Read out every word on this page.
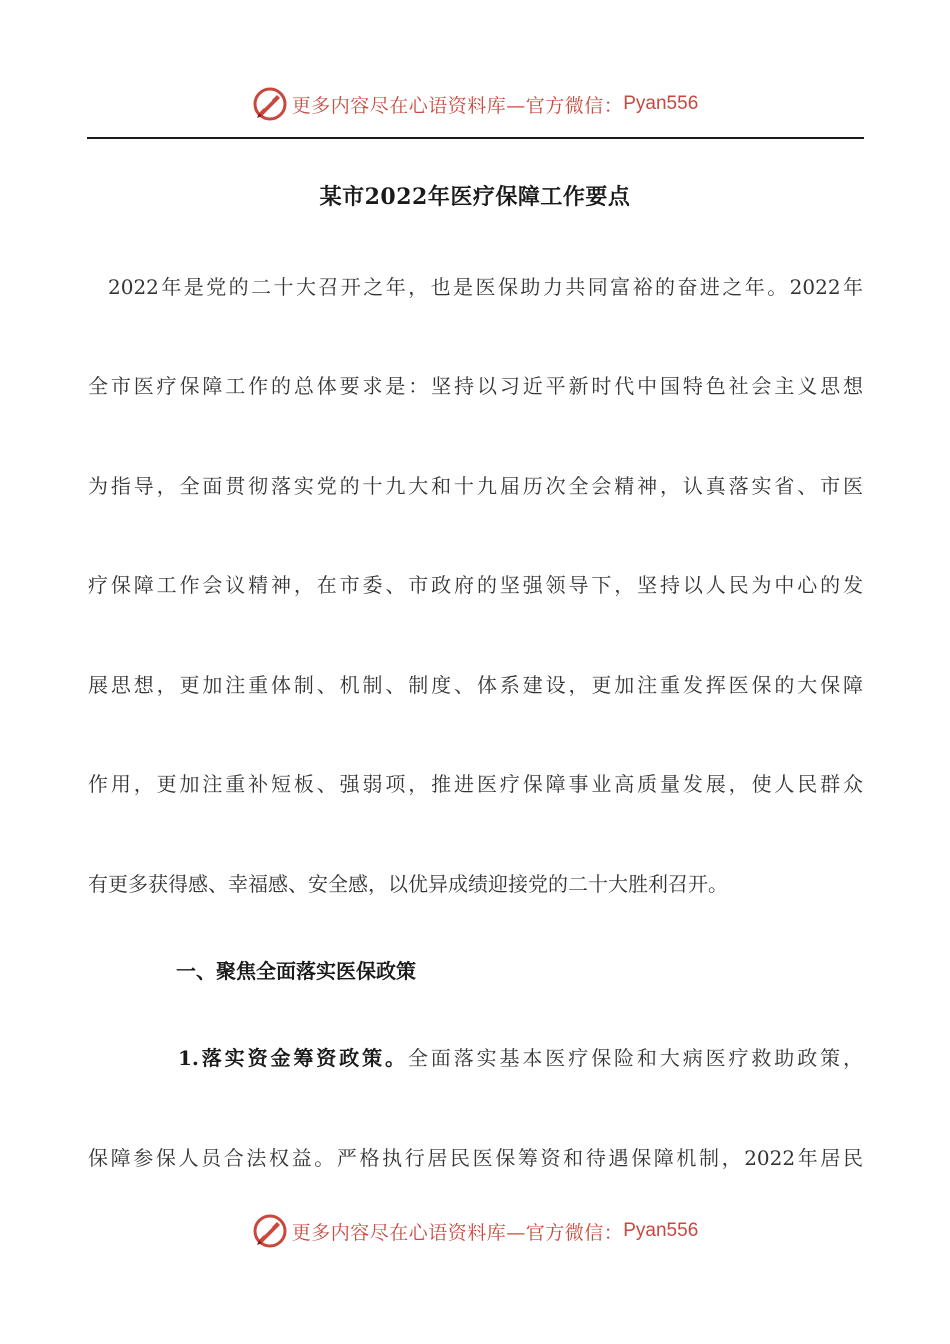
更多内容尽在心语资料库—官方微信： Pyan556
某市2022年医疗保障工作要点
2022年是党的二十大召开之年，也是医保助力共同富裕的奋进之年。2022年
全市医疗保障工作的总体要求是：坚持以习近平新时代中国特色社会主义思想
为指导，全面贯彻落实党的十九大和十九届历次全会精神，认真落实省、市医
疗保障工作会议精神，在市委、市政府的坚强领导下，坚持以人民为中心的发
展思想，更加注重体制、机制、制度、体系建设，更加注重发挥医保的大保障
作用，更加注重补短板、强弱项，推进医疗保障事业高质量发展，使人民群众
有更多获得感、幸福感、安全感，以优异成绩迎接党的二十大胜利召开。
一、聚焦全面落实医保政策
1.落实资金筹资政策。全面落实基本医疗保险和大病医疗救助政策，
保障参保人员合法权益。严格执行居民医保筹资和待遇保障机制，2022年居民
更多内容尽在心语资料库—官方微信： Pyan556
